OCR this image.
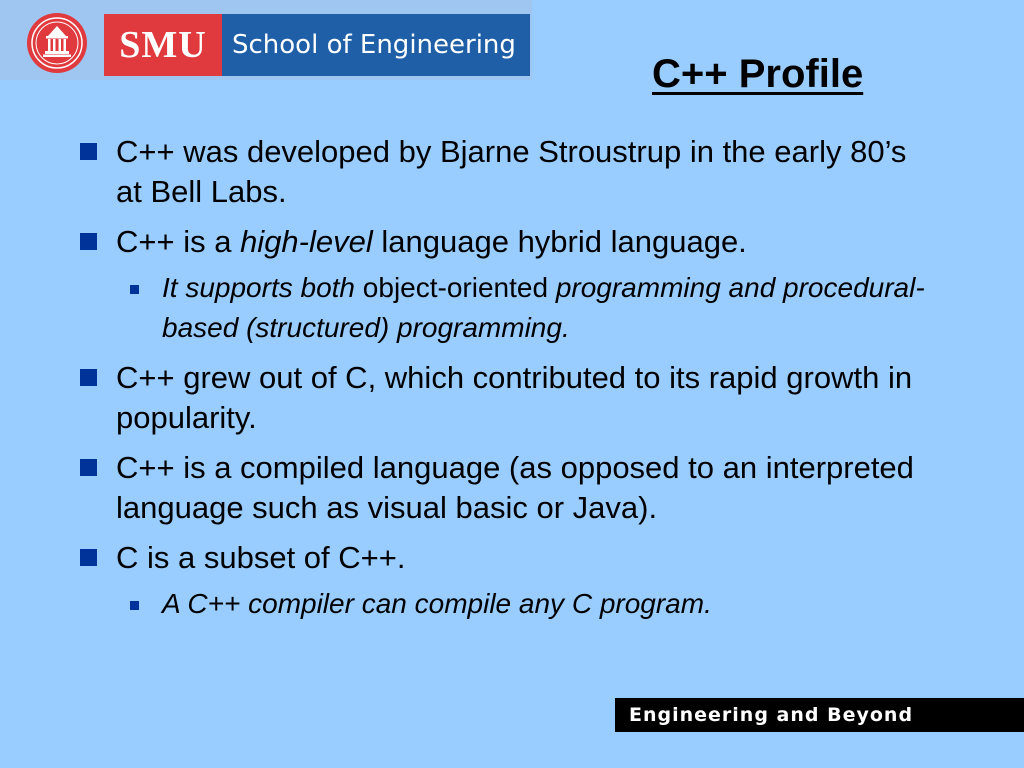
SMU School of Engineering
C++ Profile
C++ was developed by Bjarne Stroustrup in the early 80’s at Bell Labs.
C++ is a high-level language hybrid language.
It supports both object-oriented programming and procedural-based (structured) programming.
C++ grew out of C, which contributed to its rapid growth in popularity.
C++ is a compiled language (as opposed to an interpreted language such as visual basic or Java).
C is a subset of C++.
A C++ compiler can compile any C program.
Engineering and Beyond
